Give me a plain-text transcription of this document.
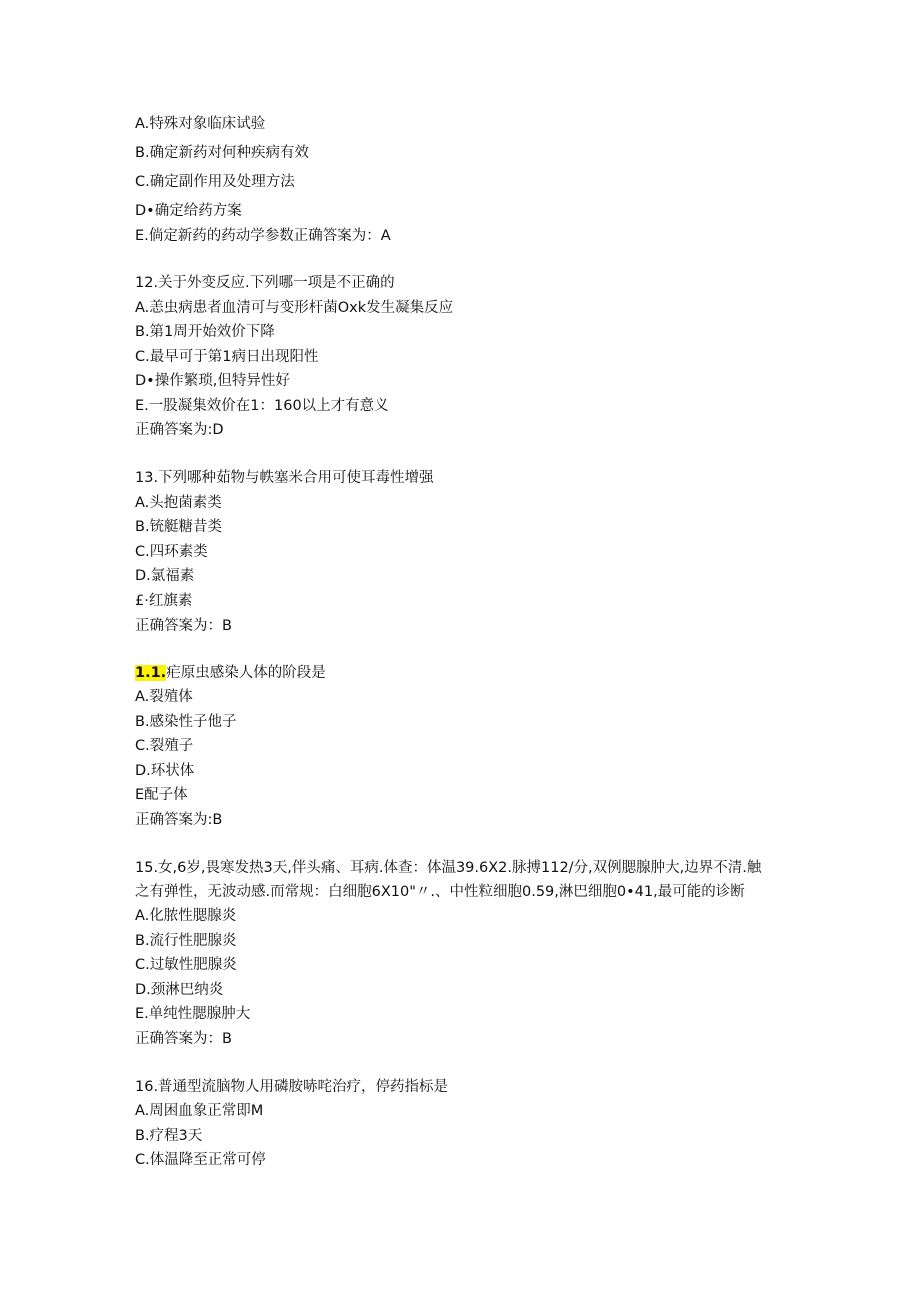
A.特殊对象临床试验
B.确定新药对何种疾病有效
C.确定副作用及处理方法
D•确定给药方案
E.倘定新药的药动学参数正确答案为：A
12.关于外变反应.下列哪一项是不正确的
A.恙虫病患者血清可与变形杆菌Oxk发生凝集反应
B.第1周开始效价下降
C.最早可于第1病日出现阳性
D•操作繁琐,但特异性好
E.一股凝集效价在1：160以上才有意义
正确答案为:D
13.下列哪种茹物与帙塞米合用可使耳毒性增强
A.头抱菌素类
B.铳艇糖昔类
C.四环素类
D.氯福素
£·红旗素
正确答案为：B
1.1.疟原虫感染人体的阶段是
A.裂殖体
B.感染性子他子
C.裂殖子
D.环状体
E配子体
正确答案为:B
15.女,6岁,畏寒发热3天,伴头痛、耳病.体查：体温39.6X2.脉搏112/分,双例腮腺肿大,边界不清.触
之有弹性，无波动感.而常规：白细胞6X10"〃.、中性粒细胞0.59,淋巴细胞0•41,最可能的诊断
A.化脓性腮腺炎
B.流行性肥腺炎
C.过敏性肥腺炎
D.颈淋巴纳炎
E.单纯性腮腺肿大
正确答案为：B
16.普通型流脑物人用磷胺哧咤治疗，停药指标是
A.周困血象正常即M
B.疗程3天
C.体温降至正常可停
